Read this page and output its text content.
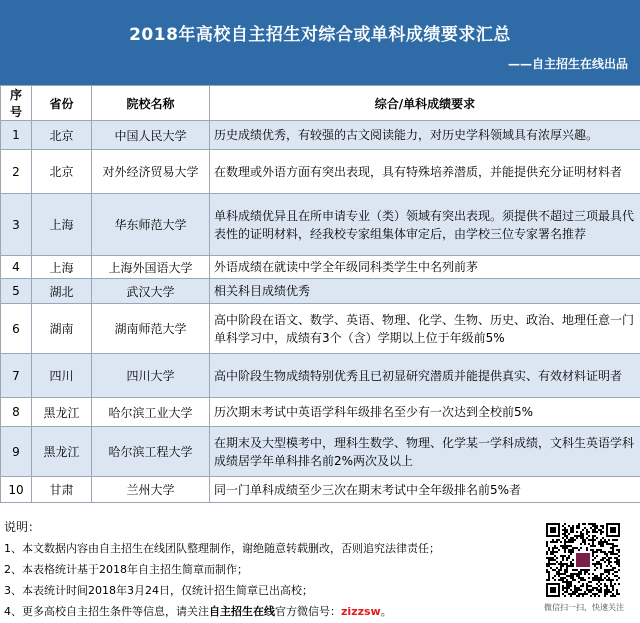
2018年高校自主招生对综合或单科成绩要求汇总
——自主招生在线出品
序号	省份	院校名称	综合/单科成绩要求
1	北京	中国人民大学	历史成绩优秀，有较强的古文阅读能力，对历史学科领域具有浓厚兴趣。
2	北京	对外经济贸易大学	在数理或外语方面有突出表现，具有特殊培养潜质，并能提供充分证明材料者
3	上海	华东师范大学	单科成绩优异且在所申请专业（类）领域有突出表现。须提供不超过三项最具代表性的证明材料，经我校专家组集体审定后，由学校三位专家署名推荐
4	上海	上海外国语大学	外语成绩在就读中学全年级同科类学生中名列前茅
5	湖北	武汉大学	相关科目成绩优秀
6	湖南	湖南师范大学	高中阶段在语文、数学、英语、物理、化学、生物、历史、政治、地理任意一门单科学习中，成绩有3个（含）学期以上位于年级前5%
7	四川	四川大学	高中阶段生物成绩特别优秀且已初显研究潜质并能提供真实、有效材料证明者
8	黑龙江	哈尔滨工业大学	历次期末考试中英语学科年级排名至少有一次达到全校前5%
9	黑龙江	哈尔滨工程大学	在期末及大型模考中，理科生数学、物理、化学某一学科成绩，文科生英语学科成绩居学年单科排名前2%两次及以上
10	甘肃	兰州大学	同一门单科成绩至少三次在期末考试中全年级排名前5%者
说明：
1、本文数据内容由自主招生在线团队整理制作，谢绝随意转载删改，否则追究法律责任；
2、本表格统计基于2018年自主招生简章而制作；
3、本表统计时间2018年3月24日，仅统计招生简章已出高校；
4、更多高校自主招生条件等信息，请关注自主招生在线官方微信号：zizzsw。	微信扫一扫，快速关注
